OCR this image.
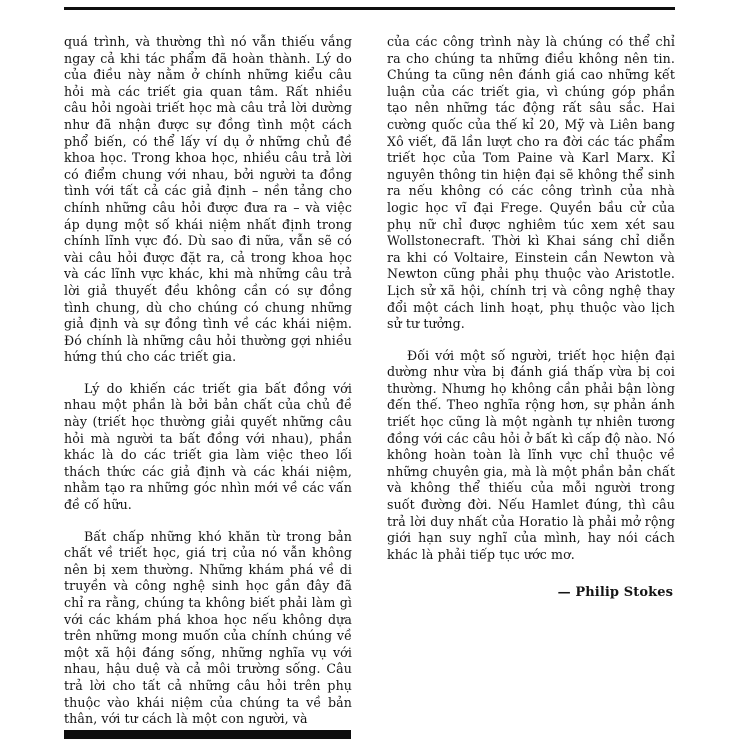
quá trình, và thường thì nó vẫn thiếu vắng ngay cả khi tác phẩm đã hoàn thành. Lý do của điều này nằm ở chính những kiểu câu hỏi mà các triết gia quan tâm. Rất nhiều câu hỏi ngoài triết học mà câu trả lời dường như đã nhận được sự đồng tình một cách phổ biến, có thể lấy ví dụ ở những chủ đề khoa học. Trong khoa học, nhiều câu trả lời có điểm chung với nhau, bởi người ta đồng tình với tất cả các giả định – nền tảng cho chính những câu hỏi được đưa ra – và việc áp dụng một số khái niệm nhất định trong chính lĩnh vực đó. Dù sao đi nữa, vẫn sẽ có vài câu hỏi được đặt ra, cả trong khoa học và các lĩnh vực khác, khi mà những câu trả lời giả thuyết đều không cần có sự đồng tình chung, dù cho chúng có chung những giả định và sự đồng tình về các khái niệm. Đó chính là những câu hỏi thường gợi nhiều hứng thú cho các triết gia.

Lý do khiến các triết gia bất đồng với nhau một phần là bởi bản chất của chủ đề này (triết học thường giải quyết những câu hỏi mà người ta bất đồng với nhau), phần khác là do các triết gia làm việc theo lối thách thức các giả định và các khái niệm, nhằm tạo ra những góc nhìn mới về các vấn đề cố hữu.

Bất chấp những khó khăn từ trong bản chất về triết học, giá trị của nó vẫn không nên bị xem thường. Những khám phá về di truyền và công nghệ sinh học gần đây đã chỉ ra rằng, chúng ta không biết phải làm gì với các khám phá khoa học nếu không dựa trên những mong muốn của chính chúng về một xã hội đáng sống, những nghĩa vụ với nhau, hậu duệ và cả môi trường sống. Câu trả lời cho tất cả những câu hỏi trên phụ thuộc vào khái niệm của chúng ta về bản thân, với tư cách là một con người, và

của các công trình này là chúng có thể chỉ ra cho chúng ta những điều không nên tin. Chúng ta cũng nên đánh giá cao những kết luận của các triết gia, vì chúng góp phần tạo nên những tác động rất sâu sắc. Hai cường quốc của thế kỉ 20, Mỹ và Liên bang Xô viết, đã lần lượt cho ra đời các tác phẩm triết học của Tom Paine và Karl Marx. Kỉ nguyên thông tin hiện đại sẽ không thể sinh ra nếu không có các công trình của nhà logic học vĩ đại Frege. Quyền bầu cử của phụ nữ chỉ được nghiêm túc xem xét sau Wollstonecraft. Thời kì Khai sáng chỉ diễn ra khi có Voltaire, Einstein cần Newton và Newton cũng phải phụ thuộc vào Aristotle. Lịch sử xã hội, chính trị và công nghệ thay đổi một cách linh hoạt, phụ thuộc vào lịch sử tư tưởng.

Đối với một số người, triết học hiện đại dường như vừa bị đánh giá thấp vừa bị coi thường. Nhưng họ không cần phải bận lòng đến thế. Theo nghĩa rộng hơn, sự phản ánh triết học cũng là một ngành tự nhiên tương đồng với các câu hỏi ở bất kì cấp độ nào. Nó không hoàn toàn là lĩnh vực chỉ thuộc về những chuyên gia, mà là một phần bản chất và không thể thiếu của mỗi người trong suốt đường đời. Nếu Hamlet đúng, thì câu trả lời duy nhất của Horatio là phải mở rộng giới hạn suy nghĩ của mình, hay nói cách khác là phải tiếp tục ước mơ.

— Philip Stokes
